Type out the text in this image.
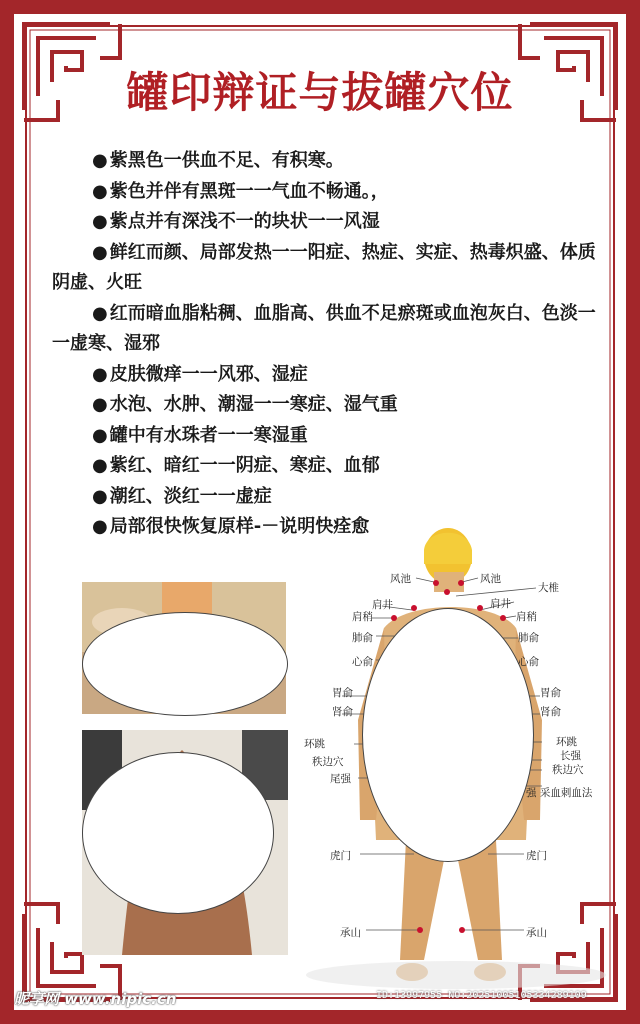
罐印辩证与拔罐穴位
● 紫黑色一供血不足、有积寒。
● 紫色并伴有黑斑一一气血不畅通。，
● 紫点并有深浅不一的块状一一风湿
● 鲜红而颜、局部发热一一阳症、热症、实症、热毒炽盛、体质阴虚、火旺
● 红而暗血脂粘稠、血脂高、供血不足瘀斑或血泡灰白、色淡一一虚寒、湿邪
● 皮肤微痒一一风邪、湿症
● 水泡、水肿、潮湿一一寒症、湿气重
● 罐中有水珠者一一寒湿重
● 紫红、暗红一一阴症、寒症、血郁
● 潮红、淡红一一虚症
● 局部很快恢复原样-－说明快痊愈
风池
肩井
肩稍
肺俞
心俞
胃俞
肾俞
环跳
秩边穴
尾强
虎门
承山
风池
大椎
肩井
肩稍
肺俞
心俞
胃俞
肾俞
环跳
长强
秩边穴
强 采血刺血法
虎门
承山
昵享网 www.nipic.cn	ID:13997955 NO:20251005105334289109
